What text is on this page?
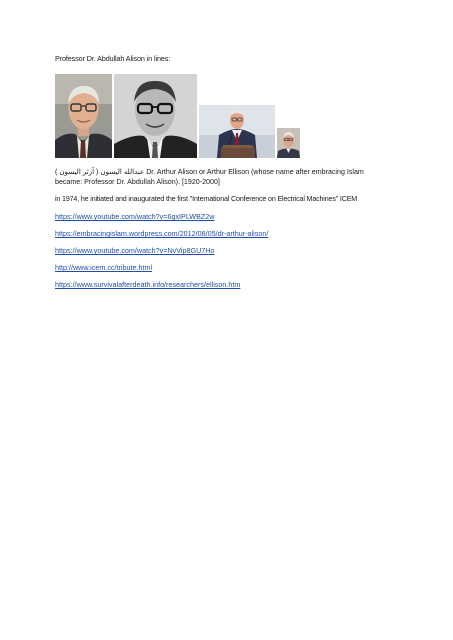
Professor Dr. Abdullah Alison in lines:
عبدالله اليسون ( آرثر اليسون ) Dr. Arthur Alison or Arthur Ellison (whose name after embracing Islam
became: Professor Dr. Abdullah Alison). [1920-2000]
in 1974, he initiated and inaugurated the first "International Conference on Electrical Machines" ICEM
https://www.youtube.com/watch?v=6gxIPLWBZ2w
https://embracingislam.wordpress.com/2012/08/05/dr-arthur-alison/
https://www.youtube.com/watch?v=NvVip8GU7Ho
http://www.icem.cc/tribute.html
https://www.survivalafterdeath.info/researchers/ellison.htm
